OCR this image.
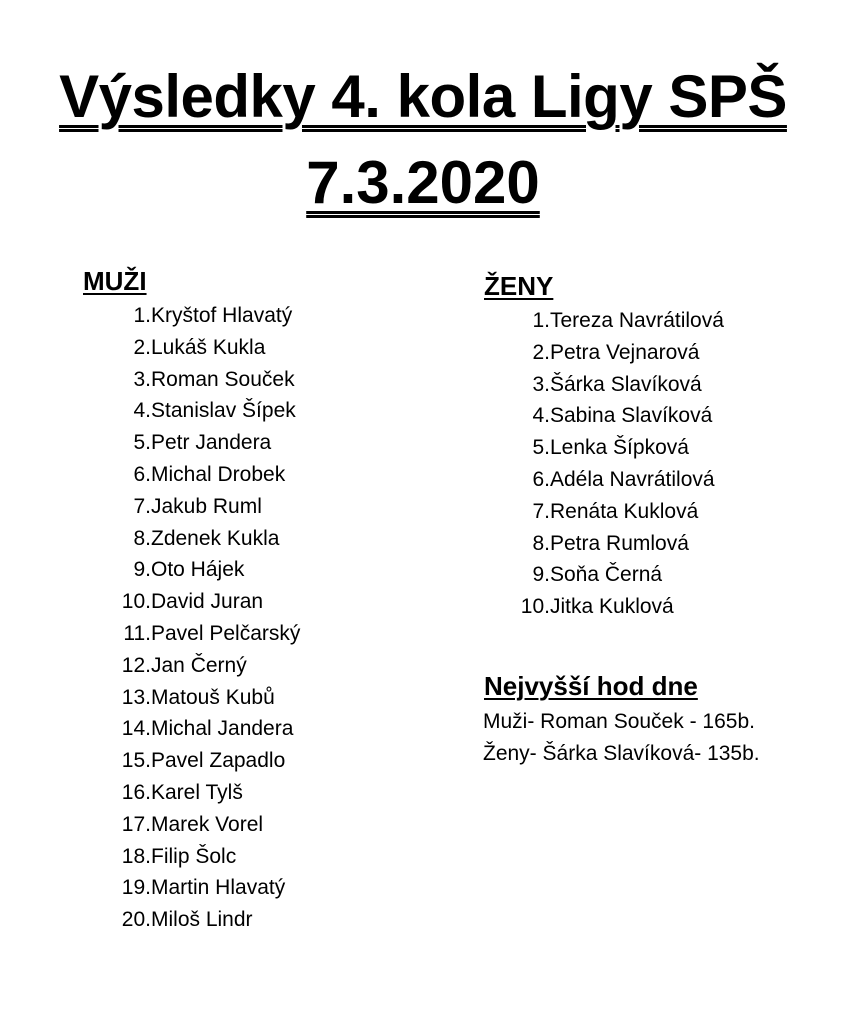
Výsledky 4. kola Ligy SPŠ
7.3.2020
MUŽI
1. Kryštof Hlavatý
2. Lukáš Kukla
3. Roman Souček
4. Stanislav Šípek
5. Petr Jandera
6. Michal Drobek
7. Jakub Ruml
8. Zdenek Kukla
9. Oto Hájek
10. David Juran
11. Pavel Pelčarský
12. Jan Černý
13. Matouš Kubů
14. Michal Jandera
15. Pavel Zapadlo
16. Karel Tylš
17. Marek Vorel
18. Filip Šolc
19. Martin Hlavatý
20. Miloš Lindr
ŽENY
1. Tereza Navrátilová
2. Petra Vejnarová
3. Šárka Slavíková
4. Sabina Slavíková
5. Lenka Šípková
6. Adéla Navrátilová
7. Renáta Kuklová
8. Petra Rumlová
9. Soňa Černá
10. Jitka Kuklová
Nejvyšší hod dne
Muži- Roman Souček - 165b.
Ženy- Šárka Slavíková- 135b.
